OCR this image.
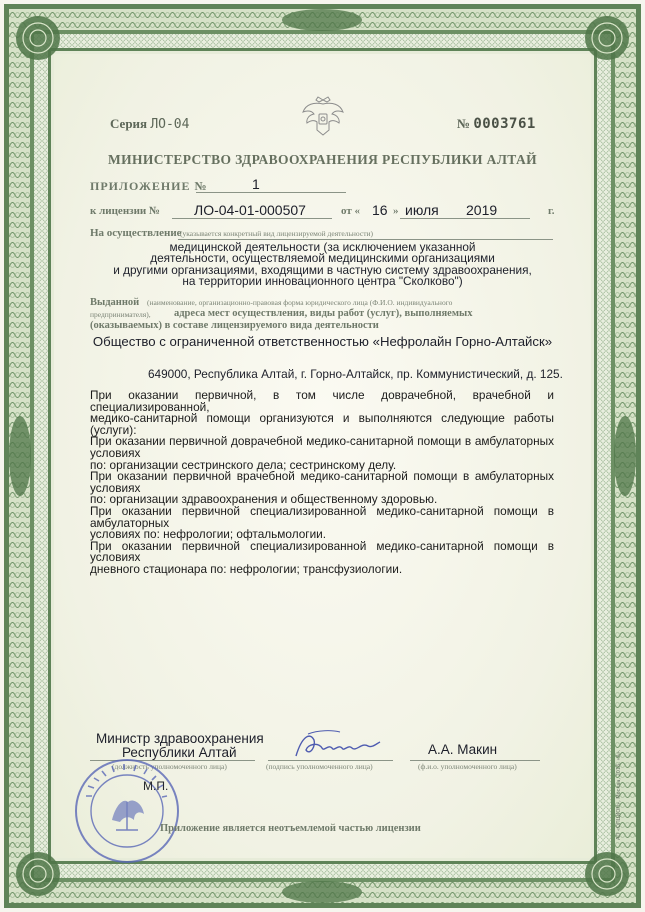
Серия ЛО-04	№ 0003761
МИНИСТЕРСТВО ЗДРАВООХРАНЕНИЯ РЕСПУБЛИКИ АЛТАЙ
ПРИЛОЖЕНИЕ №	1
к лицензии № ЛО-04-01-000507	от « 16 » июля 2019	г.
На осуществление
(указывается конкретный вид лицензируемой деятельности)
медицинской деятельности (за исключением указанной
деятельности, осуществляемой медицинскими организациями
и другими организациями, входящими в частную систему здравоохранения,
на территории инновационного центра "Сколково")
Выданной (наименование, организационно-правовая форма юридического лица (Ф.И.О. индивидуального
предпринимателя), адреса мест осуществления, виды работ (услуг), выполняемых
(оказываемых) в составе лицензируемого вида деятельности
Общество с ограниченной ответственностью «Нефролайн Горно-Алтайск»
649000, Республика Алтай, г. Горно-Алтайск, пр. Коммунистический, д. 125.
При оказании первичной, в том числе доврачебной, врачебной и специализированной,
медико-санитарной помощи организуются и выполняются следующие работы (услуги):
При оказании первичной доврачебной медико-санитарной помощи в амбулаторных условиях
по: организации сестринского дела; сестринскому делу.
При оказании первичной врачебной медико-санитарной помощи в амбулаторных условиях
по: организации здравоохранения и общественному здоровью.
При оказании первичной специализированной медико-санитарной помощи в амбулаторных
условиях по: нефрологии; офтальмологии.
При оказании первичной специализированной медико-санитарной помощи в условиях
дневного стационара по: нефрологии; трансфузиологии.
Министр здравоохранения
Республики Алтай
(должность уполномоченного лица)	(подпись уполномоченного лица)
А.А. Макин
(ф.и.о. уполномоченного лица)
М.П.
Приложение является неотъемлемой частью лицензии	АО «ОПЦИОН», Москва, 2016, «А».
